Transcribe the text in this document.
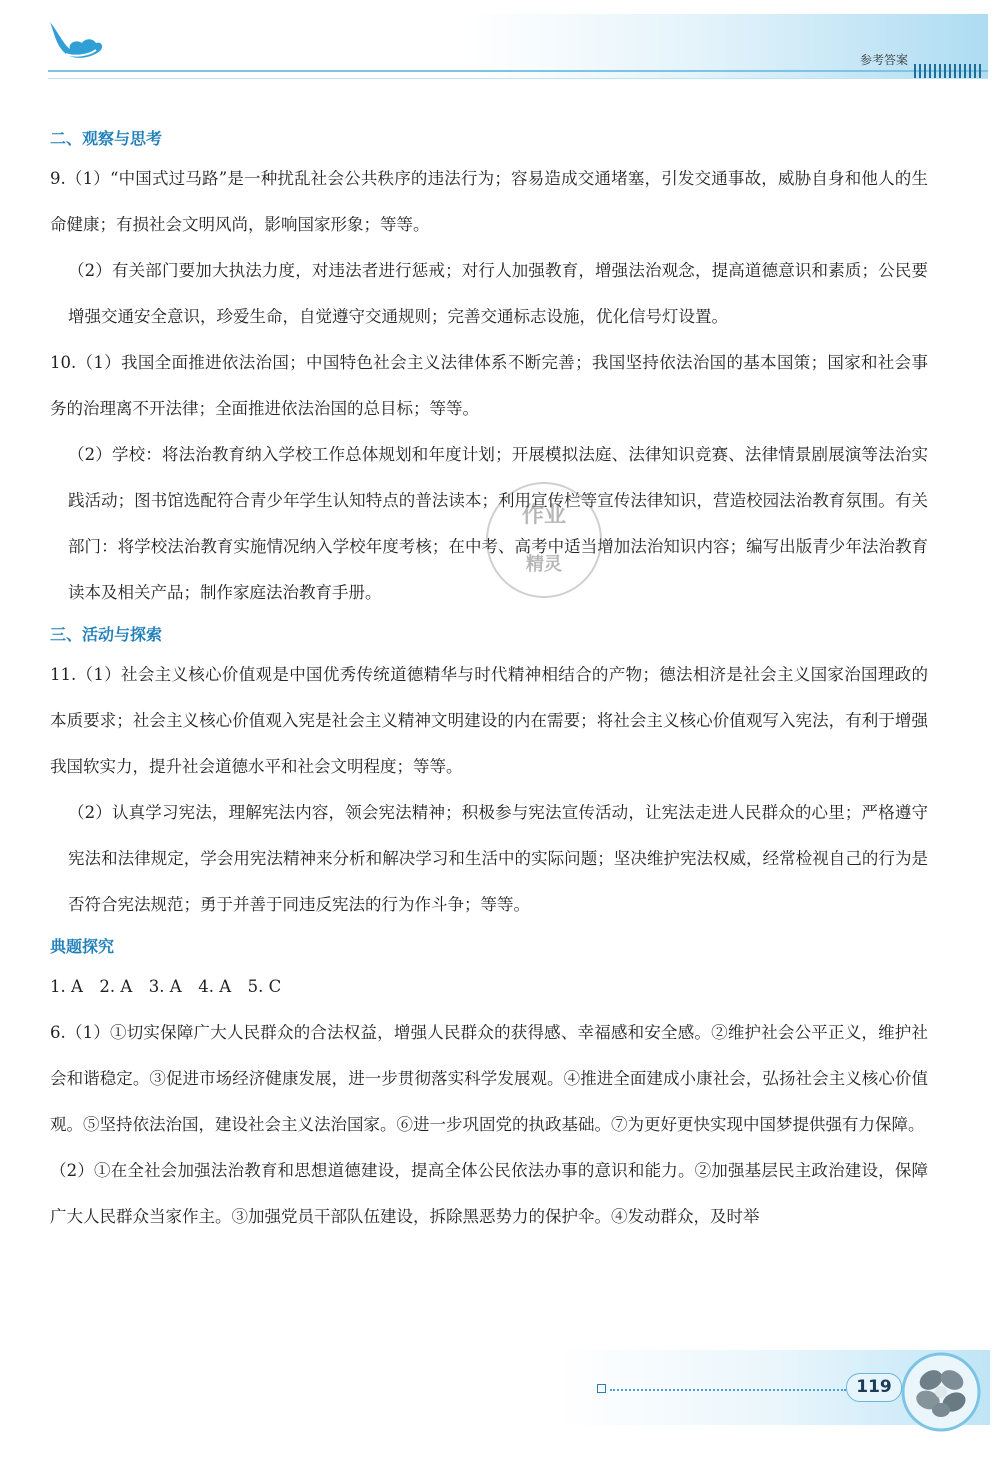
参考答案
二、观察与思考

9.（1）“中国式过马路”是一种扰乱社会公共秩序的违法行为；容易造成交通堵塞，引发交通事故，威胁自身和他人的生命健康；有损社会文明风尚，影响国家形象；等等。

（2）有关部门要加大执法力度，对违法者进行惩戒；对行人加强教育，增强法治观念，提高道德意识和素质；公民要增强交通安全意识，珍爱生命，自觉遵守交通规则；完善交通标志设施，优化信号灯设置。

10.（1）我国全面推进依法治国；中国特色社会主义法律体系不断完善；我国坚持依法治国的基本国策；国家和社会事务的治理离不开法律；全面推进依法治国的总目标；等等。

（2）学校：将法治教育纳入学校工作总体规划和年度计划；开展模拟法庭、法律知识竞赛、法律情景剧展演等法治实践活动；图书馆选配符合青少年学生认知特点的普法读本；利用宣传栏等宣传法律知识，营造校园法治教育氛围。有关部门：将学校法治教育实施情况纳入学校年度考核；在中考、高考中适当增加法治知识内容；编写出版青少年法治教育读本及相关产品；制作家庭法治教育手册。

三、活动与探索

11.（1）社会主义核心价值观是中国优秀传统道德精华与时代精神相结合的产物；德法相济是社会主义国家治国理政的本质要求；社会主义核心价值观入宪是社会主义精神文明建设的内在需要；将社会主义核心价值观写入宪法，有利于增强我国软实力，提升社会道德水平和社会文明程度；等等。

（2）认真学习宪法，理解宪法内容，领会宪法精神；积极参与宪法宣传活动，让宪法走进人民群众的心里；严格遵守宪法和法律规定，学会用宪法精神来分析和解决学习和生活中的实际问题；坚决维护宪法权威，经常检视自己的行为是否符合宪法规范；勇于并善于同违反宪法的行为作斗争；等等。

典题探究

1. A　2. A　3. A　4. A　5. C

6.（1）①切实保障广大人民群众的合法权益，增强人民群众的获得感、幸福感和安全感。②维护社会公平正义，维护社会和谐稳定。③促进市场经济健康发展，进一步贯彻落实科学发展观。④推进全面建成小康社会，弘扬社会主义核心价值观。⑤坚持依法治国，建设社会主义法治国家。⑥进一步巩固党的执政基础。⑦为更好更快实现中国梦提供强有力保障。

（2）①在全社会加强法治教育和思想道德建设，提高全体公民依法办事的意识和能力。②加强基层民主政治建设，保障广大人民群众当家作主。③加强党员干部队伍建设，拆除黑恶势力的保护伞。④发动群众，及时举

作业
精灵
119
